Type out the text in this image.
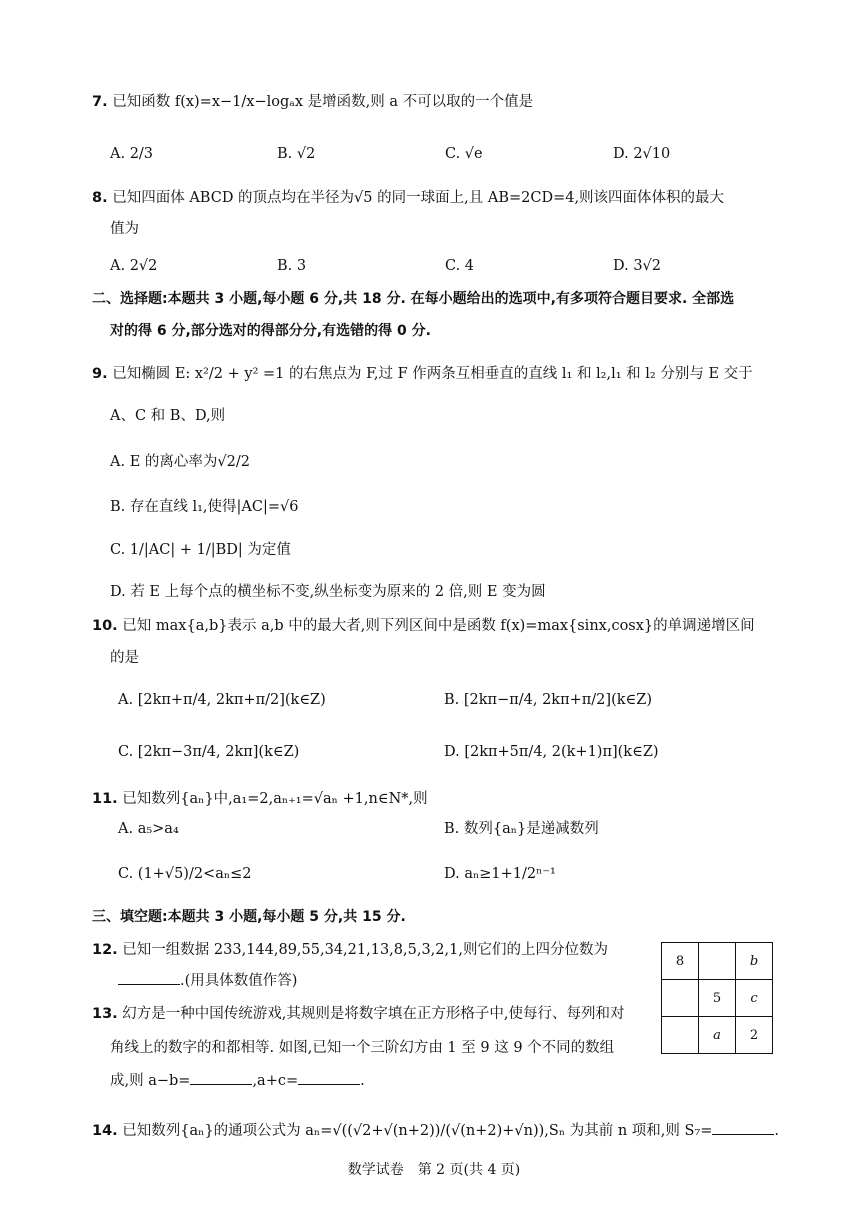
7. 已知函数 f(x)=x−1/x−logₐx 是增函数,则 a 不可以取的一个值是
A. 2/3	B. √2	C. √e	D. 2√10
8. 已知四面体 ABCD 的顶点均在半径为√5 的同一球面上,且 AB=2CD=4,则该四面体体积的最大
值为
A. 2√2	B. 3	C. 4	D. 3√2
二、选择题:本题共 3 小题,每小题 6 分,共 18 分. 在每小题给出的选项中,有多项符合题目要求. 全部选
对的得 6 分,部分选对的得部分分,有选错的得 0 分.
9. 已知椭圆 E: x²/2 + y² =1 的右焦点为 F,过 F 作两条互相垂直的直线 l₁ 和 l₂,l₁ 和 l₂ 分别与 E 交于
A、C 和 B、D,则
A. E 的离心率为√2/2
B. 存在直线 l₁,使得|AC|=√6
C. 1/|AC| + 1/|BD| 为定值
D. 若 E 上每个点的横坐标不变,纵坐标变为原来的 2 倍,则 E 变为圆
10. 已知 max{a,b}表示 a,b 中的最大者,则下列区间中是函数 f(x)=max{sinx,cosx}的单调递增区间
的是
A. [2kπ+π/4, 2kπ+π/2](k∈Z)	B. [2kπ−π/4, 2kπ+π/2](k∈Z)
C. [2kπ−3π/4, 2kπ](k∈Z)	D. [2kπ+5π/4, 2(k+1)π](k∈Z)
11. 已知数列{aₙ}中,a₁=2,aₙ₊₁=√aₙ +1,n∈N*,则
A. a₅>a₄	B. 数列{aₙ}是递减数列
C. (1+√5)/2<aₙ≤2	D. aₙ≥1+1/2ⁿ⁻¹
三、填空题:本题共 3 小题,每小题 5 分,共 15 分.
12. 已知一组数据 233,144,89,55,34,21,13,8,5,3,2,1,则它们的上四分位数为
.(用具体数值作答)
8		b
	5	c
	a	2
13. 幻方是一种中国传统游戏,其规则是将数字填在正方形格子中,使每行、每列和对
角线上的数字的和都相等. 如图,已知一个三阶幻方由 1 至 9 这 9 个不同的数组
成,则 a−b=	,a+c=	.
14. 已知数列{aₙ}的通项公式为 aₙ=√((√2+√(n+2))/(√(n+2)+√n)),Sₙ 为其前 n 项和,则 S₇=	.
数学试卷　第 2 页(共 4 页)
